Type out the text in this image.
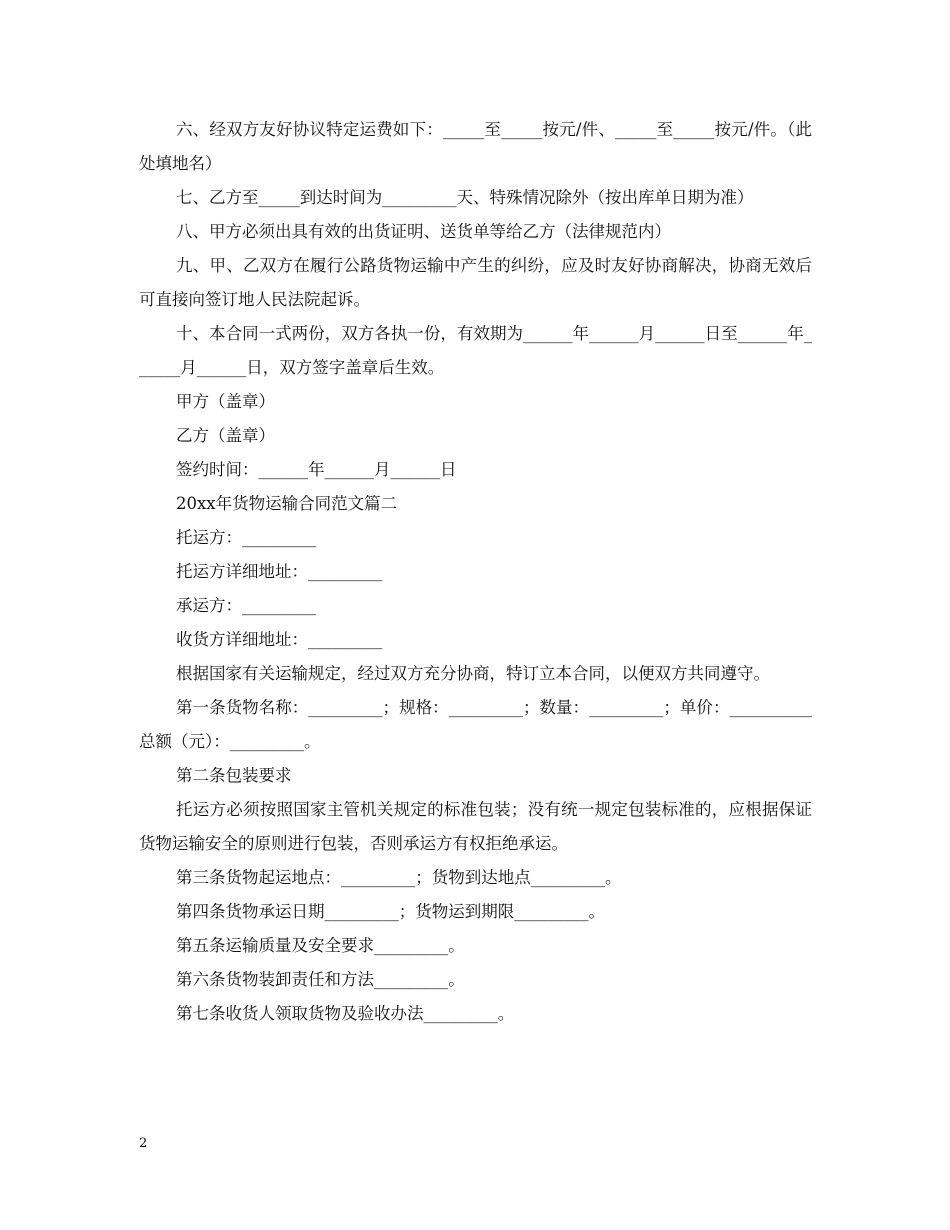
六、经双方友好协议特定运费如下：_____至_____按元/件、_____至_____按元/件。（此处填地名）

七、乙方至_____到达时间为_________天、特殊情况除外（按出库单日期为准）

八、甲方必须出具有效的出货证明、送货单等给乙方（法律规范内）

九、甲、乙双方在履行公路货物运输中产生的纠纷，应及时友好协商解决，协商无效后可直接向签订地人民法院起诉。

十、本合同一式两份，双方各执一份，有效期为______年______月______日至______年______月______日，双方签字盖章后生效。

甲方（盖章）

乙方（盖章）

签约时间：______年______月______日

20xx年货物运输合同范文篇二

托运方：_________

托运方详细地址：_________

承运方：_________

收货方详细地址：_________

根据国家有关运输规定，经过双方充分协商，特订立本合同，以便双方共同遵守。

第一条货物名称：_________；规格：_________；数量：_________；单价：__________总额（元）：_________。

第二条包装要求

托运方必须按照国家主管机关规定的标准包装；没有统一规定包装标准的，应根据保证货物运输安全的原则进行包装，否则承运方有权拒绝承运。

第三条货物起运地点：_________；货物到达地点_________。

第四条货物承运日期_________；货物运到期限_________。

第五条运输质量及安全要求_________。

第六条货物装卸责任和方法_________。

第七条收货人领取货物及验收办法_________。

2
